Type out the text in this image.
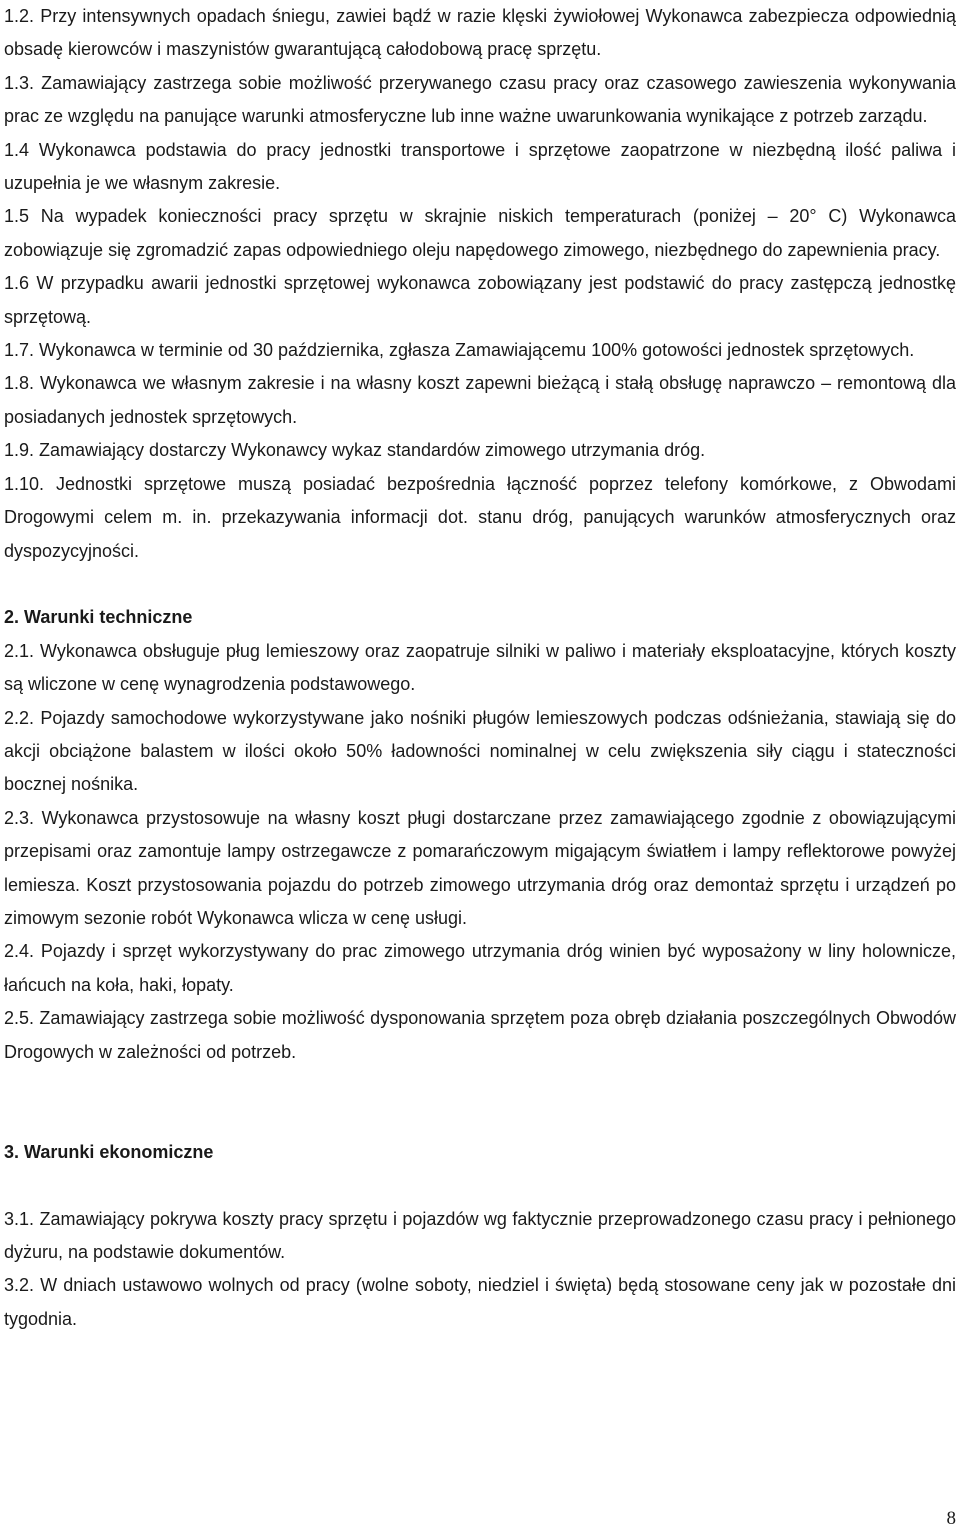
1.2. Przy intensywnych opadach śniegu, zawiei bądź w razie klęski żywiołowej Wykonawca zabezpiecza odpowiednią obsadę kierowców i maszynistów gwarantującą całodobową pracę sprzętu.

1.3. Zamawiający zastrzega sobie możliwość przerywanego czasu pracy oraz czasowego zawieszenia wykonywania prac ze względu na panujące warunki atmosferyczne lub inne ważne uwarunkowania wynikające z potrzeb zarządu.

1.4 Wykonawca podstawia do pracy jednostki transportowe i sprzętowe zaopatrzone w niezbędną ilość paliwa i uzupełnia je we własnym zakresie.

1.5 Na wypadek konieczności pracy sprzętu w skrajnie niskich temperaturach (poniżej – 20° C) Wykonawca zobowiązuje się zgromadzić zapas odpowiedniego oleju napędowego zimowego, niezbędnego do zapewnienia pracy.

1.6 W przypadku awarii jednostki sprzętowej wykonawca zobowiązany jest podstawić do pracy zastępczą jednostkę sprzętową.

1.7. Wykonawca w terminie od 30 października, zgłasza Zamawiającemu 100% gotowości jednostek sprzętowych.

1.8. Wykonawca we własnym zakresie i na własny koszt zapewni bieżącą i stałą obsługę naprawczo – remontową dla posiadanych jednostek sprzętowych.

1.9. Zamawiający dostarczy Wykonawcy wykaz standardów zimowego utrzymania dróg.

1.10. Jednostki sprzętowe muszą posiadać bezpośrednia łączność poprzez telefony komórkowe, z Obwodami Drogowymi celem m. in. przekazywania informacji dot. stanu dróg, panujących warunków atmosferycznych oraz dyspozycyjności.

2. Warunki techniczne

2.1. Wykonawca obsługuje pług lemieszowy oraz zaopatruje silniki w paliwo i materiały eksploatacyjne, których koszty są wliczone w cenę wynagrodzenia podstawowego.

2.2. Pojazdy samochodowe wykorzystywane jako nośniki pługów lemieszowych podczas odśnieżania, stawiają się do akcji obciążone balastem w ilości około 50% ładowności nominalnej w celu zwiększenia siły ciągu i stateczności bocznej nośnika.

2.3. Wykonawca przystosowuje na własny koszt pługi dostarczane przez zamawiającego zgodnie z obowiązującymi przepisami oraz zamontuje lampy ostrzegawcze z pomarańczowym migającym światłem i lampy reflektorowe powyżej lemiesza. Koszt przystosowania pojazdu do potrzeb zimowego utrzymania dróg oraz demontaż sprzętu i urządzeń po zimowym sezonie robót Wykonawca wlicza w cenę usługi.

2.4. Pojazdy i sprzęt wykorzystywany do prac zimowego utrzymania dróg winien być wyposażony w liny holownicze, łańcuch na koła, haki, łopaty.

2.5. Zamawiający zastrzega sobie możliwość dysponowania sprzętem poza obręb działania poszczególnych Obwodów Drogowych w zależności od potrzeb.

3. Warunki ekonomiczne

3.1. Zamawiający pokrywa koszty pracy sprzętu i pojazdów wg faktycznie przeprowadzonego czasu pracy i pełnionego dyżuru, na podstawie dokumentów.

3.2. W dniach ustawowo wolnych od pracy (wolne soboty, niedziel i święta) będą stosowane ceny jak w pozostałe dni tygodnia.

8
